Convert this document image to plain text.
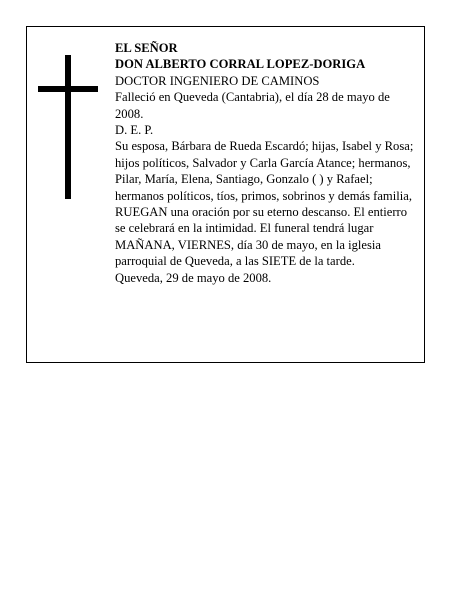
EL SEÑOR

DON ALBERTO CORRAL LOPEZ-DORIGA

DOCTOR INGENIERO DE CAMINOS

Falleció en Queveda (Cantabria), el día 28 de mayo de 2008.

D. E. P.

Su esposa, Bárbara de Rueda Escardó; hijas, Isabel y Rosa; hijos políticos, Salvador y Carla García Atance; hermanos, Pilar, María, Elena, Santiago, Gonzalo ( ) y Rafael; hermanos políticos, tíos, primos, sobrinos y demás familia,

RUEGAN una oración por su eterno descanso. El entierro se celebrará en la intimidad. El funeral tendrá lugar MAÑANA, VIERNES, día 30 de mayo, en la iglesia parroquial de Queveda, a las SIETE de la tarde.

Queveda, 29 de mayo de 2008.
